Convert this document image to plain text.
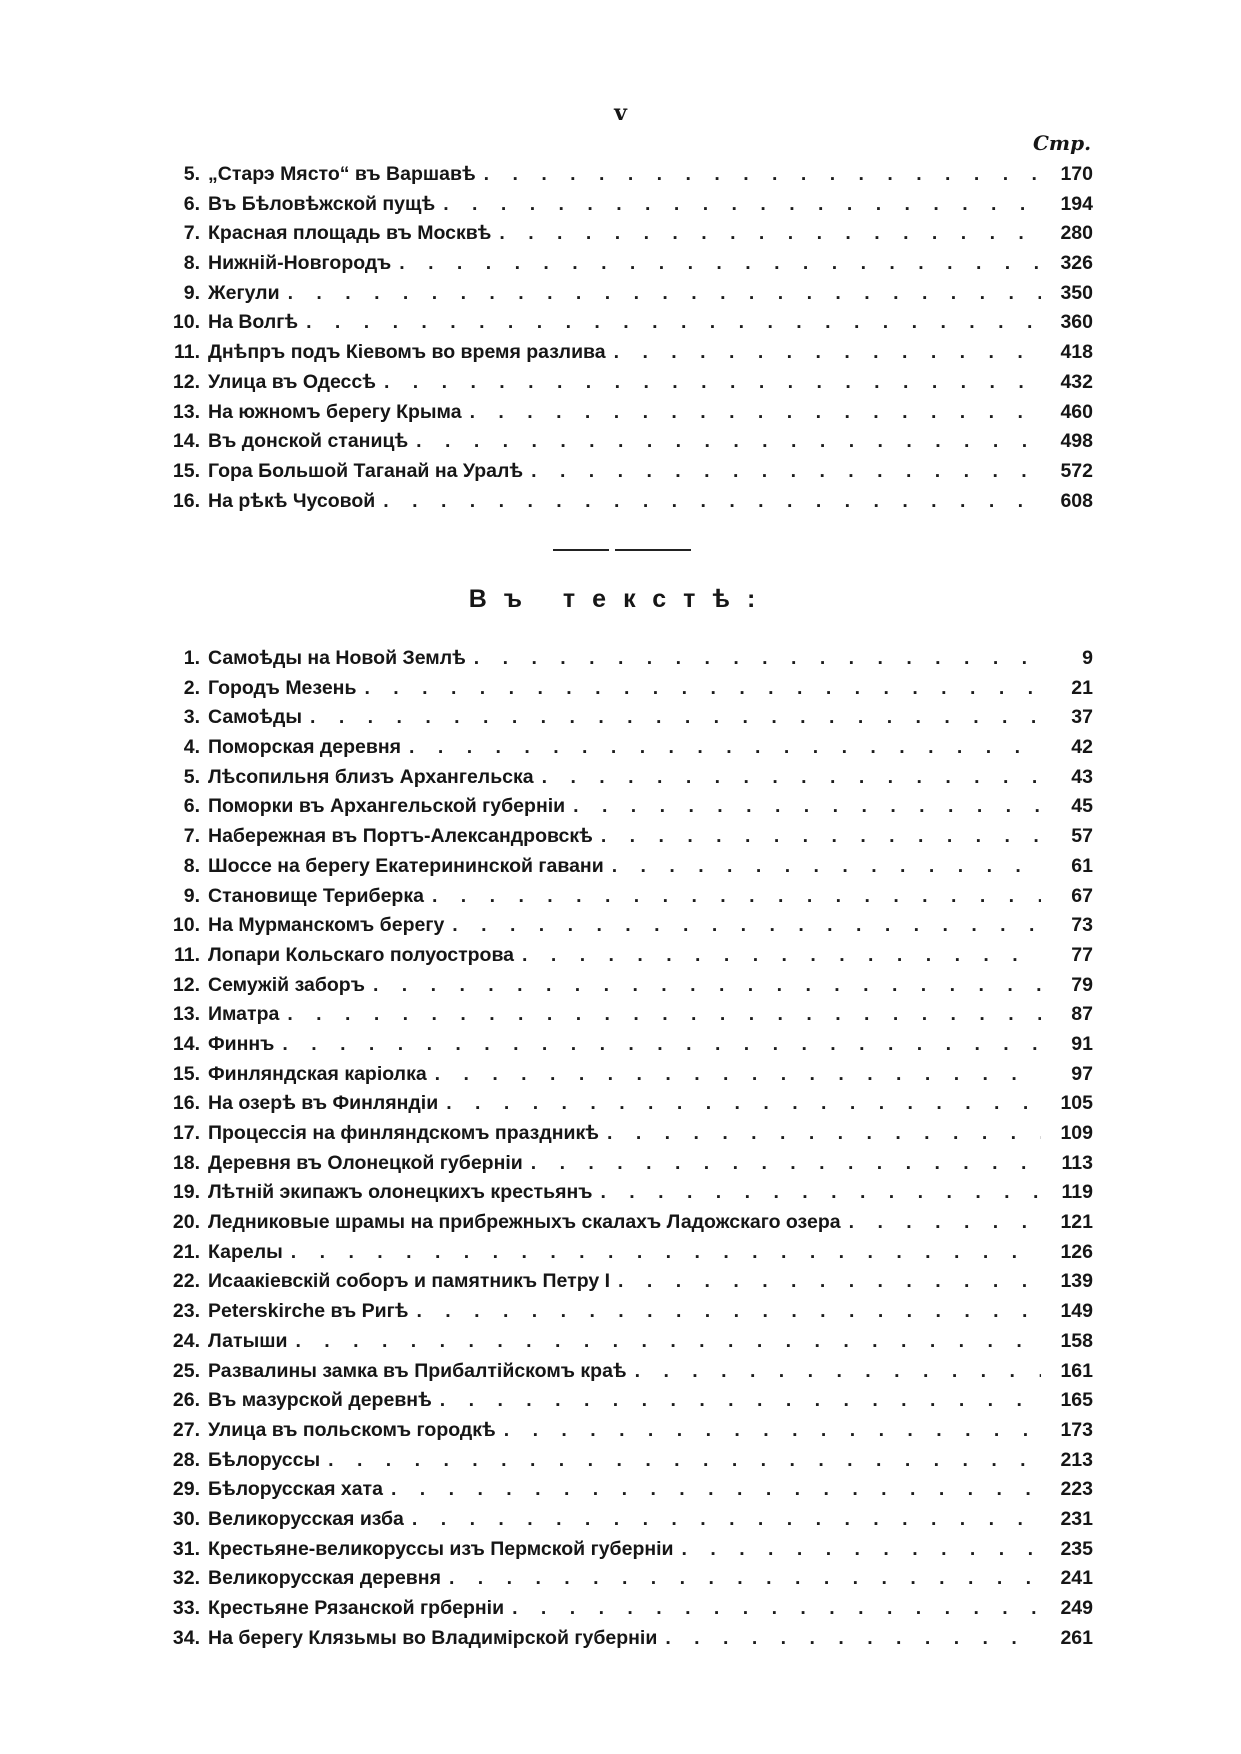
v
Стр.
5. „Старэ Място“ въ Варшавѣ . . .	170
6. Въ Бѣловѣжской пущѣ . . .	194
7. Красная площадь въ Москвѣ . . .	280
8. Нижній-Новгородъ . . .	326
9. Жегули . . .	350
10. На Волгѣ . . .	360
11. Днѣпръ подъ Кіевомъ во время разлива . . .	418
12. Улица въ Одессѣ . . .	432
13. На южномъ берегу Крыма . . .	460
14. Въ донской станицѣ . . .	498
15. Гора Большой Таганай на Уралѣ . . .	572
16. На рѣкѣ Чусовой . . .	608
Въ текстѣ:
1. Самоѣды на Новой Землѣ . . .	9
2. Городъ Мезень . . .	21
3. Самоѣды . . .	37
4. Поморская деревня . . .	42
5. Лѣсопильня близъ Архангельска . . .	43
6. Поморки въ Архангельской губерніи . . .	45
7. Набережная въ Портъ-Александровскѣ . . .	57
8. Шоссе на берегу Екатерининской гавани . . .	61
9. Становище Териберка . . .	67
10. На Мурманскомъ берегу . . .	73
11. Лопари Кольскаго полуострова . . .	77
12. Семужій заборъ . . .	79
13. Иматра . . .	87
14. Финнъ . . .	91
15. Финляндская каріолка . . .	97
16. На озерѣ въ Финляндіи . . .	105
17. Процессія на финляндскомъ праздникѣ . . .	109
18. Деревня въ Олонецкой губерніи . . .	113
19. Лѣтній экипажъ олонецкихъ крестьянъ . . .	119
20. Ледниковые шрамы на прибрежныхъ скалахъ Ладожскаго озера . . .	121
21. Карелы . . .	126
22. Исаакіевскій соборъ и памятникъ Петру I . . .	139
23. Peterskirche въ Ригѣ . . .	149
24. Латыши . . .	158
25. Развалины замка въ Прибалтійскомъ краѣ . . .	161
26. Въ мазурской деревнѣ . . .	165
27. Улица въ польскомъ городкѣ . . .	173
28. Бѣлоруссы . . .	213
29. Бѣлорусская хата . . .	223
30. Великорусская изба . . .	231
31. Крестьяне-великоруссы изъ Пермской губерніи . . .	235
32. Великорусская деревня . . .	241
33. Крестьяне Рязанской грберніи . . .	249
34. На берегу Клязьмы во Владимірской губерніи . . .	261
